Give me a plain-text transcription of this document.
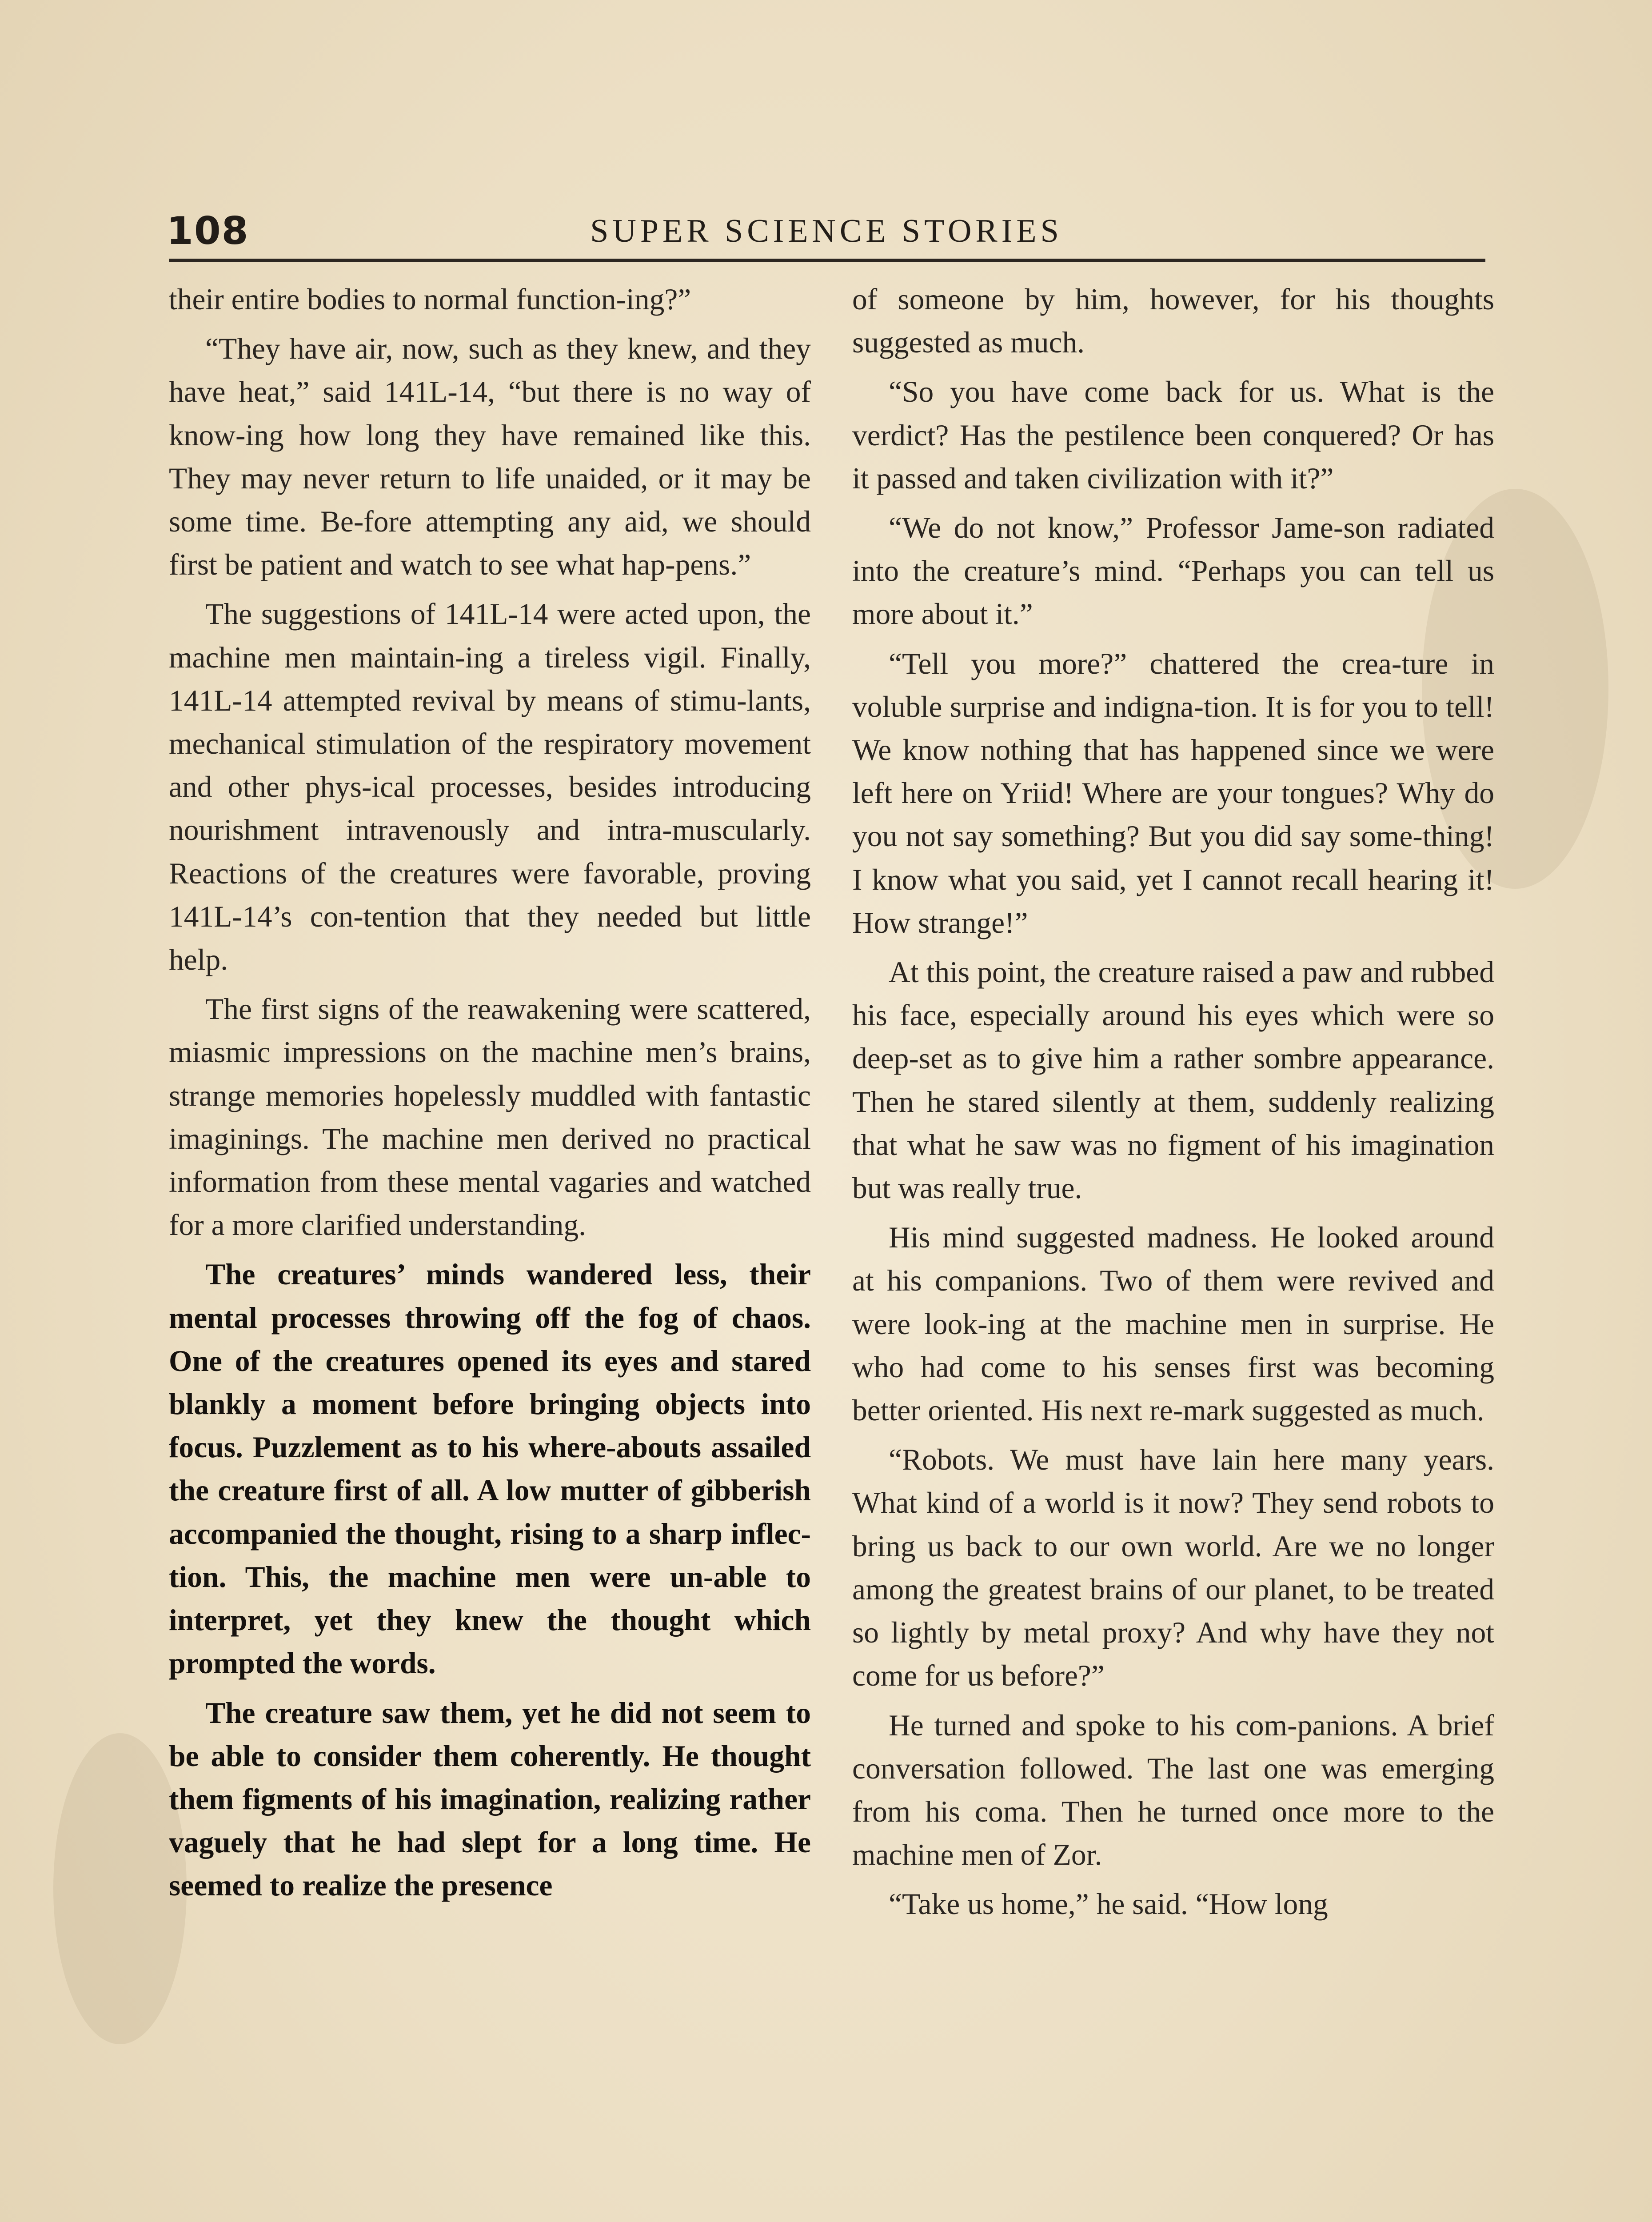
108	SUPER SCIENCE STORIES

their entire bodies to normal function-ing?”

“They have air, now, such as they knew, and they have heat,” said 141L-14, “but there is no way of know-ing how long they have remained like this. They may never return to life unaided, or it may be some time. Be-fore attempting any aid, we should first be patient and watch to see what hap-pens.”

The suggestions of 141L-14 were acted upon, the machine men maintain-ing a tireless vigil. Finally, 141L-14 attempted revival by means of stimu-lants, mechanical stimulation of the respiratory movement and other phys-ical processes, besides introducing nourishment intravenously and intra-muscularly. Reactions of the creatures were favorable, proving 141L-14’s con-tention that they needed but little help.

The first signs of the reawakening were scattered, miasmic impressions on the machine men’s brains, strange memories hopelessly muddled with fantastic imaginings. The machine men derived no practical information from these mental vagaries and watched for a more clarified understanding.

The creatures’ minds wandered less, their mental processes throwing off the fog of chaos. One of the creatures opened its eyes and stared blankly a moment before bringing objects into focus. Puzzlement as to his where-abouts assailed the creature first of all. A low mutter of gibberish accompanied the thought, rising to a sharp inflec-tion. This, the machine men were un-able to interpret, yet they knew the thought which prompted the words.

The creature saw them, yet he did not seem to be able to consider them coherently. He thought them figments of his imagination, realizing rather vaguely that he had slept for a long time. He seemed to realize the presence

of someone by him, however, for his thoughts suggested as much.

“So you have come back for us. What is the verdict? Has the pestilence been conquered? Or has it passed and taken civilization with it?”

“We do not know,” Professor Jame-son radiated into the creature’s mind. “Perhaps you can tell us more about it.”

“Tell you more?” chattered the crea-ture in voluble surprise and indigna-tion. It is for you to tell! We know nothing that has happened since we were left here on Yriid! Where are your tongues? Why do you not say something? But you did say some-thing! I know what you said, yet I cannot recall hearing it! How strange!”

At this point, the creature raised a paw and rubbed his face, especially around his eyes which were so deep-set as to give him a rather sombre appearance. Then he stared silently at them, suddenly realizing that what he saw was no figment of his imagination but was really true.

His mind suggested madness. He looked around at his companions. Two of them were revived and were look-ing at the machine men in surprise. He who had come to his senses first was becoming better oriented. His next re-mark suggested as much.

“Robots. We must have lain here many years. What kind of a world is it now? They send robots to bring us back to our own world. Are we no longer among the greatest brains of our planet, to be treated so lightly by metal proxy? And why have they not come for us before?”

He turned and spoke to his com-panions. A brief conversation followed. The last one was emerging from his coma. Then he turned once more to the machine men of Zor.

“Take us home,” he said. “How long
